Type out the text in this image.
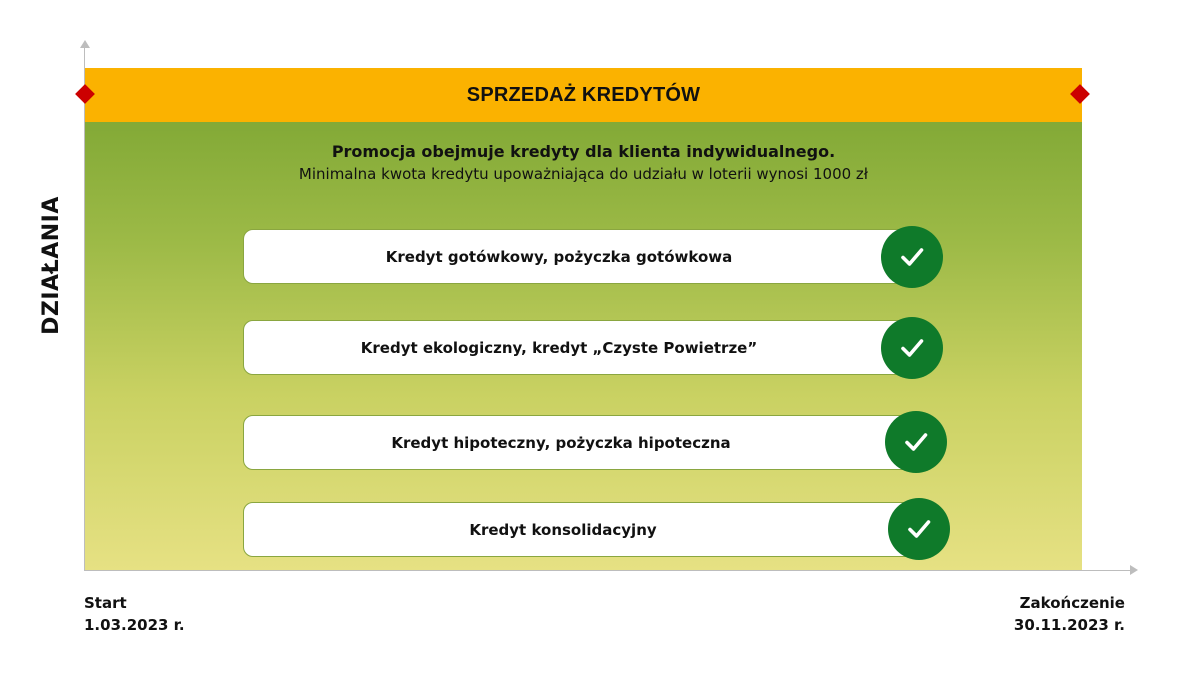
DZIAŁANIA
SPRZEDAŻ KREDYTÓW
Promocja obejmuje kredyty dla klienta indywidualnego.
Minimalna kwota kredytu upoważniająca do udziału w loterii wynosi 1000 zł
Kredyt gotówkowy, pożyczka gotówkowa
Kredyt ekologiczny, kredyt „Czyste Powietrze”
Kredyt hipoteczny, pożyczka hipoteczna
Kredyt konsolidacyjny
Start
1.03.2023 r.
Zakończenie
30.11.2023 r.
